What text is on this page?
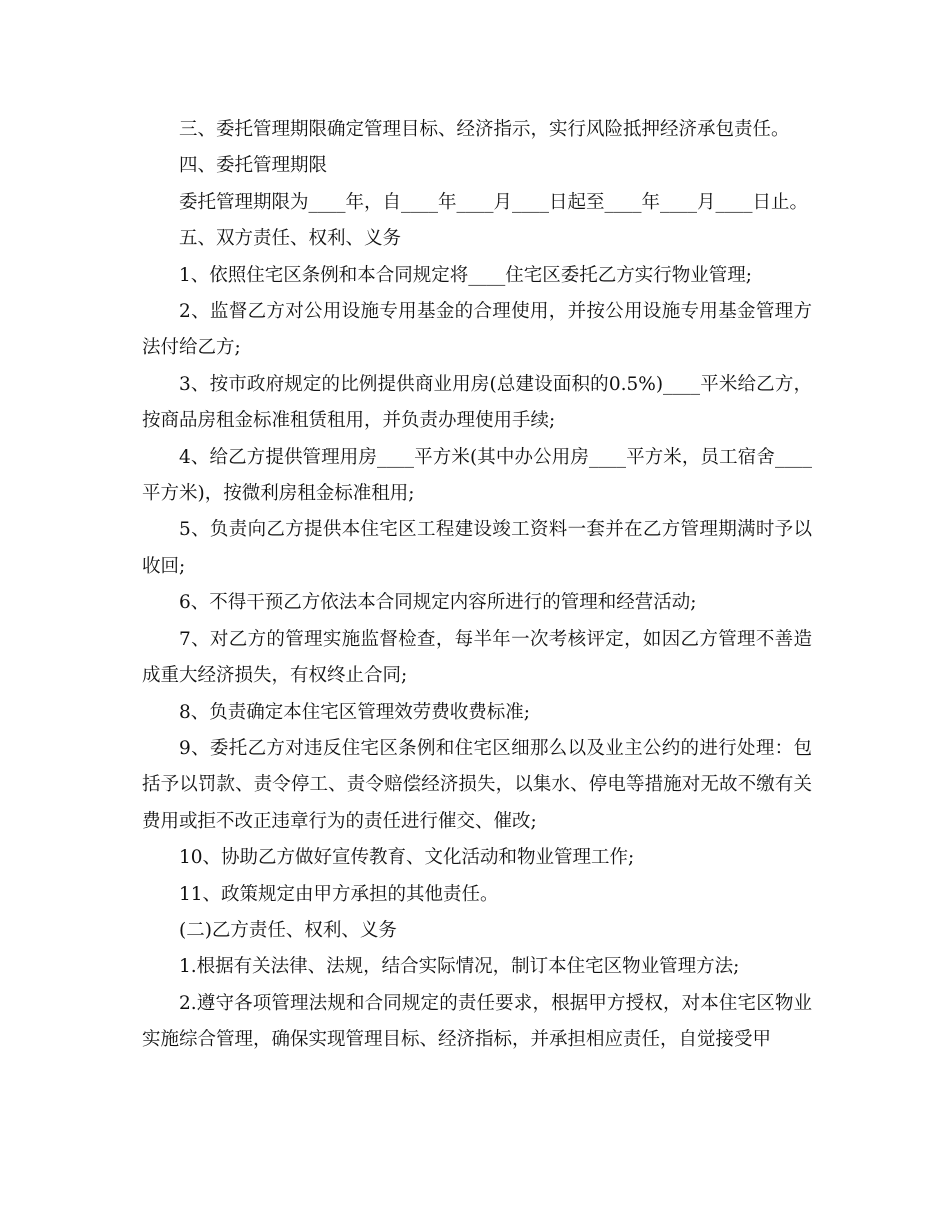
三、委托管理期限确定管理目标、经济指示，实行风险抵押经济承包责任。

四、委托管理期限

委托管理期限为____年，自____年____月____日起至____年____月____日止。

五、双方责任、权利、义务

1、依照住宅区条例和本合同规定将____住宅区委托乙方实行物业管理;

2、监督乙方对公用设施专用基金的合理使用，并按公用设施专用基金管理方法付给乙方;

3、按市政府规定的比例提供商业用房(总建设面积的0.5%)____平米给乙方，按商品房租金标准租赁租用，并负责办理使用手续;

4、给乙方提供管理用房____平方米(其中办公用房____平方米，员工宿舍____平方米)，按微利房租金标准租用;

5、负责向乙方提供本住宅区工程建设竣工资料一套并在乙方管理期满时予以收回;

6、不得干预乙方依法本合同规定内容所进行的管理和经营活动;

7、对乙方的管理实施监督检查，每半年一次考核评定，如因乙方管理不善造成重大经济损失，有权终止合同;

8、负责确定本住宅区管理效劳费收费标准;

9、委托乙方对违反住宅区条例和住宅区细那么以及业主公约的进行处理：包括予以罚款、责令停工、责令赔偿经济损失，以集水、停电等措施对无故不缴有关费用或拒不改正违章行为的责任进行催交、催改;

10、协助乙方做好宣传教育、文化活动和物业管理工作;

11、政策规定由甲方承担的其他责任。

(二)乙方责任、权利、义务

1.根据有关法律、法规，结合实际情况，制订本住宅区物业管理方法;

2.遵守各项管理法规和合同规定的责任要求，根据甲方授权，对本住宅区物业实施综合管理，确保实现管理目标、经济指标，并承担相应责任，自觉接受甲
